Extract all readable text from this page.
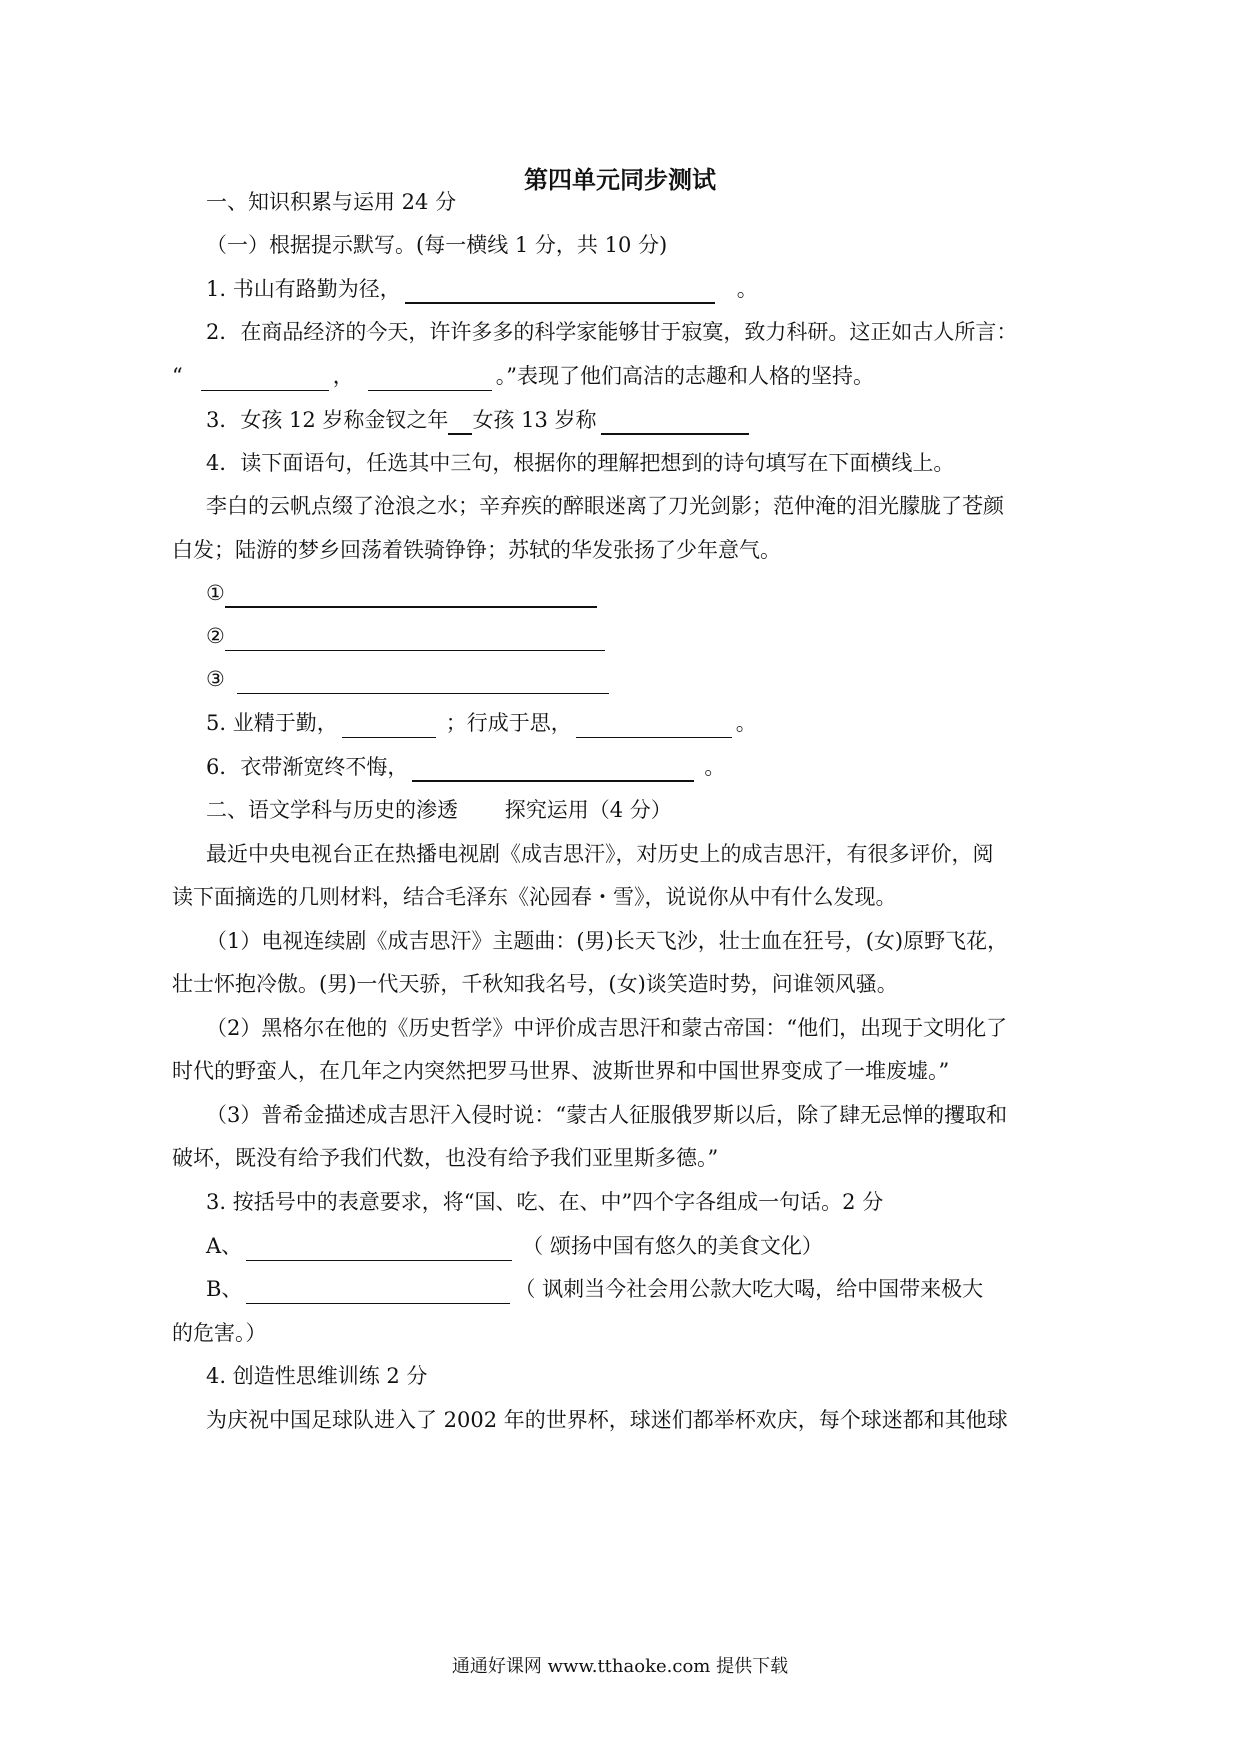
第四单元同步测试
一、知识积累与运用 24 分
（一）根据提示默写。(每一横线 1 分，共 10 分)
1. 书山有路勤为径，	。
2．在商品经济的今天，许许多多的科学家能够甘于寂寞，致力科研。这正如古人所言：
“	，	。”表现了他们高洁的志趣和人格的坚持。
3．女孩 12 岁称金钗之年 女孩 13 岁称
4．读下面语句，任选其中三句，根据你的理解把想到的诗句填写在下面横线上。
李白的云帆点缀了沧浪之水；辛弃疾的醉眼迷离了刀光剑影；范仲淹的泪光朦胧了苍颜
白发；陆游的梦乡回荡着铁骑铮铮；苏轼的华发张扬了少年意气。
①
②
③
5. 业精于勤，	；行成于思，	。
6．衣带渐宽终不悔，	。
二、语文学科与历史的渗透       探究运用（4 分）
最近中央电视台正在热播电视剧《成吉思汗》，对历史上的成吉思汗，有很多评价，阅
读下面摘选的几则材料，结合毛泽东《沁园春・雪》，说说你从中有什么发现。
（1）电视连续剧《成吉思汗》主题曲：(男)长天飞沙，壮士血在狂号，(女)原野飞花，
壮士怀抱冷傲。(男)一代天骄，千秋知我名号，(女)谈笑造时势，问谁领风骚。
（2）黑格尔在他的《历史哲学》中评价成吉思汗和蒙古帝国：“他们，出现于文明化了
时代的野蛮人，在几年之内突然把罗马世界、波斯世界和中国世界变成了一堆废墟。”
（3）普希金描述成吉思汗入侵时说：“蒙古人征服俄罗斯以后，除了肆无忌惮的攫取和
破坏，既没有给予我们代数，也没有给予我们亚里斯多德。”
3. 按括号中的表意要求，将“国、吃、在、中”四个字各组成一句话。2 分
A、	（ 颂扬中国有悠久的美食文化）
B、	（ 讽刺当今社会用公款大吃大喝，给中国带来极大
的危害。）
4. 创造性思维训练 2 分
为庆祝中国足球队进入了 2002 年的世界杯，球迷们都举杯欢庆，每个球迷都和其他球
通通好课网 www.tthaoke.com 提供下载
